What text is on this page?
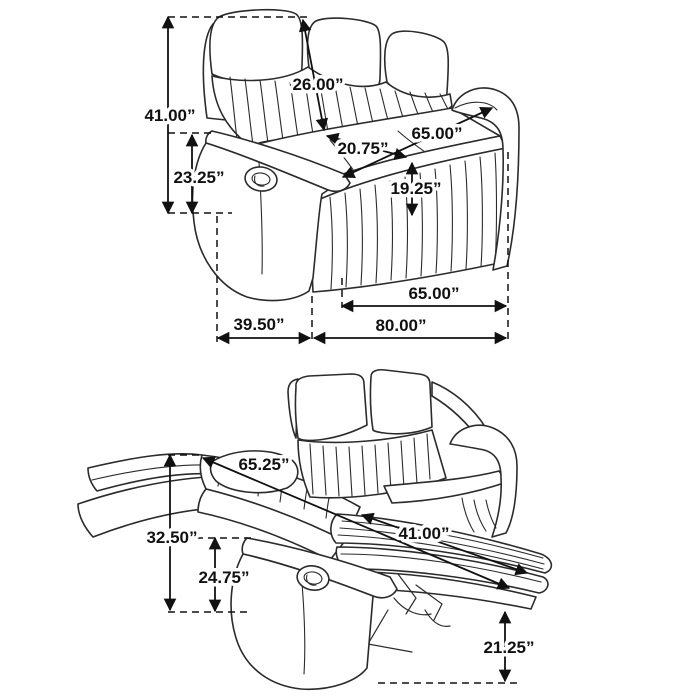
41.00”
23.25”
26.00”
65.00”
20.75”
19.25”
65.00”
39.50”	80.00”
65.25”
32.50”
24.75”
41.00”
21.25”
